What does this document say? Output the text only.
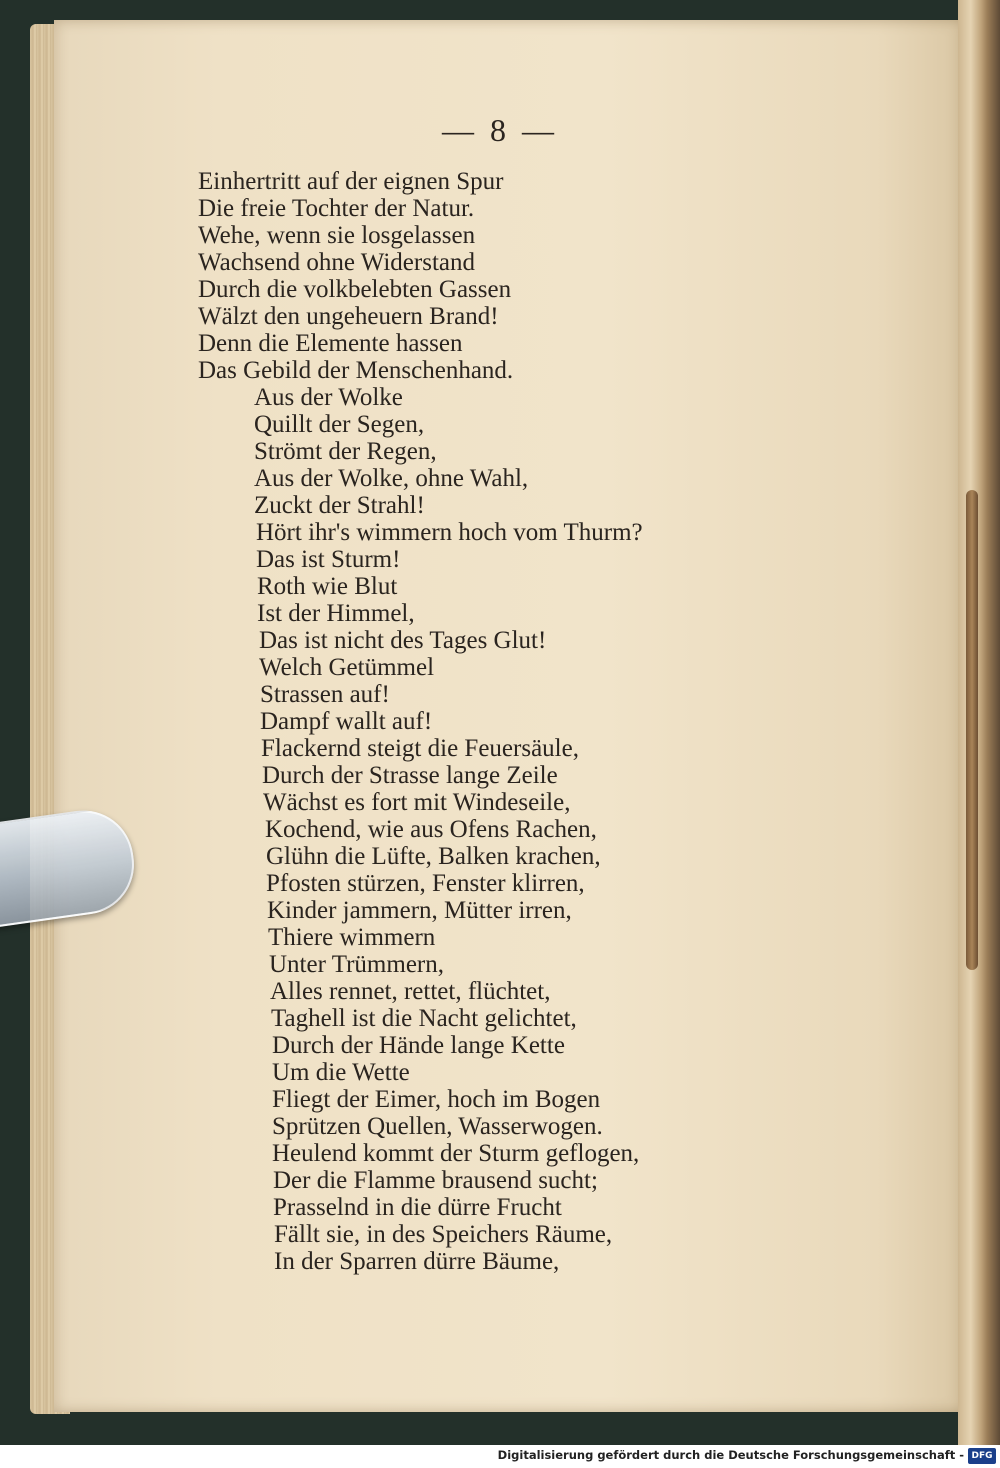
— 8 —
Einhertritt auf der eignen Spur
Die freie Tochter der Natur.
Wehe, wenn sie losgelassen
Wachsend ohne Widerstand
Durch die volkbelebten Gassen
Wälzt den ungeheuern Brand!
Denn die Elemente hassen
Das Gebild der Menschenhand.
Aus der Wolke
Quillt der Segen,
Strömt der Regen,
Aus der Wolke, ohne Wahl,
Zuckt der Strahl!
Hört ihr's wimmern hoch vom Thurm?
Das ist Sturm!
Roth wie Blut
Ist der Himmel,
Das ist nicht des Tages Glut!
Welch Getümmel
Strassen auf!
Dampf wallt auf!
Flackernd steigt die Feuersäule,
Durch der Strasse lange Zeile
Wächst es fort mit Windeseile,
Kochend, wie aus Ofens Rachen,
Glühn die Lüfte, Balken krachen,
Pfosten stürzen, Fenster klirren,
Kinder jammern, Mütter irren,
Thiere wimmern
Unter Trümmern,
Alles rennet, rettet, flüchtet,
Taghell ist die Nacht gelichtet,
Durch der Hände lange Kette
Um die Wette
Fliegt der Eimer, hoch im Bogen
Sprützen Quellen, Wasserwogen.
Heulend kommt der Sturm geflogen,
Der die Flamme brausend sucht;
Prasselnd in die dürre Frucht
Fällt sie, in des Speichers Räume,
In der Sparren dürre Bäume,
Digitalisierung gefördert durch die Deutsche Forschungsgemeinschaft - DFG
